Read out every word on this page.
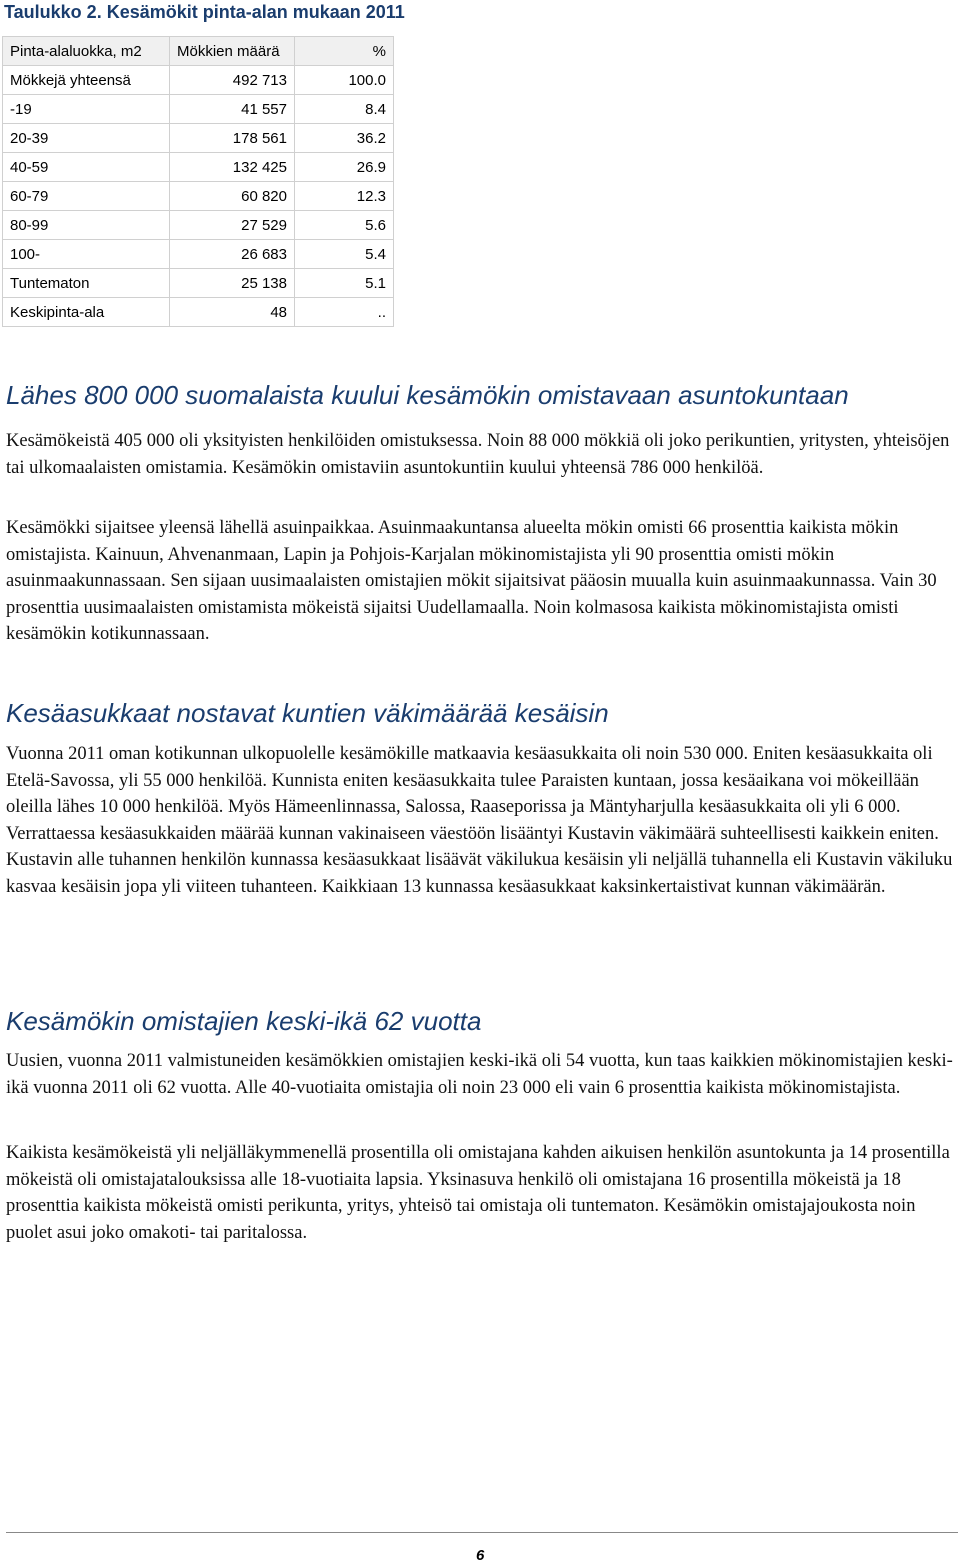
Taulukko 2. Kesämökit pinta-alan mukaan 2011
Pinta-alaluokka, m2	Mökkien määrä	%
Mökkejä yhteensä	492 713	100.0
-19	41 557	8.4
20-39	178 561	36.2
40-59	132 425	26.9
60-79	60 820	12.3
80-99	27 529	5.6
100-	26 683	5.4
Tuntematon	25 138	5.1
Keskipinta-ala	48	..
Lähes 800 000 suomalaista kuului kesämökin omistavaan asuntokuntaan

Kesämökeistä 405 000 oli yksityisten henkilöiden omistuksessa. Noin 88 000 mökkiä oli joko perikuntien, yritysten, yhteisöjen tai ulkomaalaisten omistamia. Kesämökin omistaviin asuntokuntiin kuului yhteensä 786 000 henkilöä.

Kesämökki sijaitsee yleensä lähellä asuinpaikkaa. Asuinmaakuntansa alueelta mökin omisti 66 prosenttia kaikista mökin omistajista. Kainuun, Ahvenanmaan, Lapin ja Pohjois-Karjalan mökinomistajista yli 90 prosenttia omisti mökin asuinmaakunnassaan. Sen sijaan uusimaalaisten omistajien mökit sijaitsivat pääosin muualla kuin asuinmaakunnassa. Vain 30 prosenttia uusimaalaisten omistamista mökeistä sijaitsi Uudellamaalla. Noin kolmasosa kaikista mökinomistajista omisti kesämökin kotikunnassaan.

Kesäasukkaat nostavat kuntien väkimäärää kesäisin

Vuonna 2011 oman kotikunnan ulkopuolelle kesämökille matkaavia kesäasukkaita oli noin 530 000. Eniten kesäasukkaita oli Etelä-Savossa, yli 55 000 henkilöä. Kunnista eniten kesäasukkaita tulee Paraisten kuntaan, jossa kesäaikana voi mökeillään oleilla lähes 10 000 henkilöä. Myös Hämeenlinnassa, Salossa, Raaseporissa ja Mäntyharjulla kesäasukkaita oli yli 6 000. Verrattaessa kesäasukkaiden määrää kunnan vakinaiseen väestöön lisääntyi Kustavin väkimäärä suhteellisesti kaikkein eniten. Kustavin alle tuhannen henkilön kunnassa kesäasukkaat lisäävät väkilukua kesäisin yli neljällä tuhannella eli Kustavin väkiluku kasvaa kesäisin jopa yli viiteen tuhanteen. Kaikkiaan 13 kunnassa kesäasukkaat kaksinkertaistivat kunnan väkimäärän.

Kesämökin omistajien keski-ikä 62 vuotta

Uusien, vuonna 2011 valmistuneiden kesämökkien omistajien keski-ikä oli 54 vuotta, kun taas kaikkien mökinomistajien keski-ikä vuonna 2011 oli 62 vuotta. Alle 40-vuotiaita omistajia oli noin 23 000 eli vain 6 prosenttia kaikista mökinomistajista.

Kaikista kesämökeistä yli neljälläkymmenellä prosentilla oli omistajana kahden aikuisen henkilön asuntokunta ja 14 prosentilla mökeistä oli omistajatalouksissa alle 18-vuotiaita lapsia. Yksinasuva henkilö oli omistajana 16 prosentilla mökeistä ja 18 prosenttia kaikista mökeistä omisti perikunta, yritys, yhteisö tai omistaja oli tuntematon. Kesämökin omistajajoukosta noin puolet asui joko omakoti- tai paritalossa.

6
